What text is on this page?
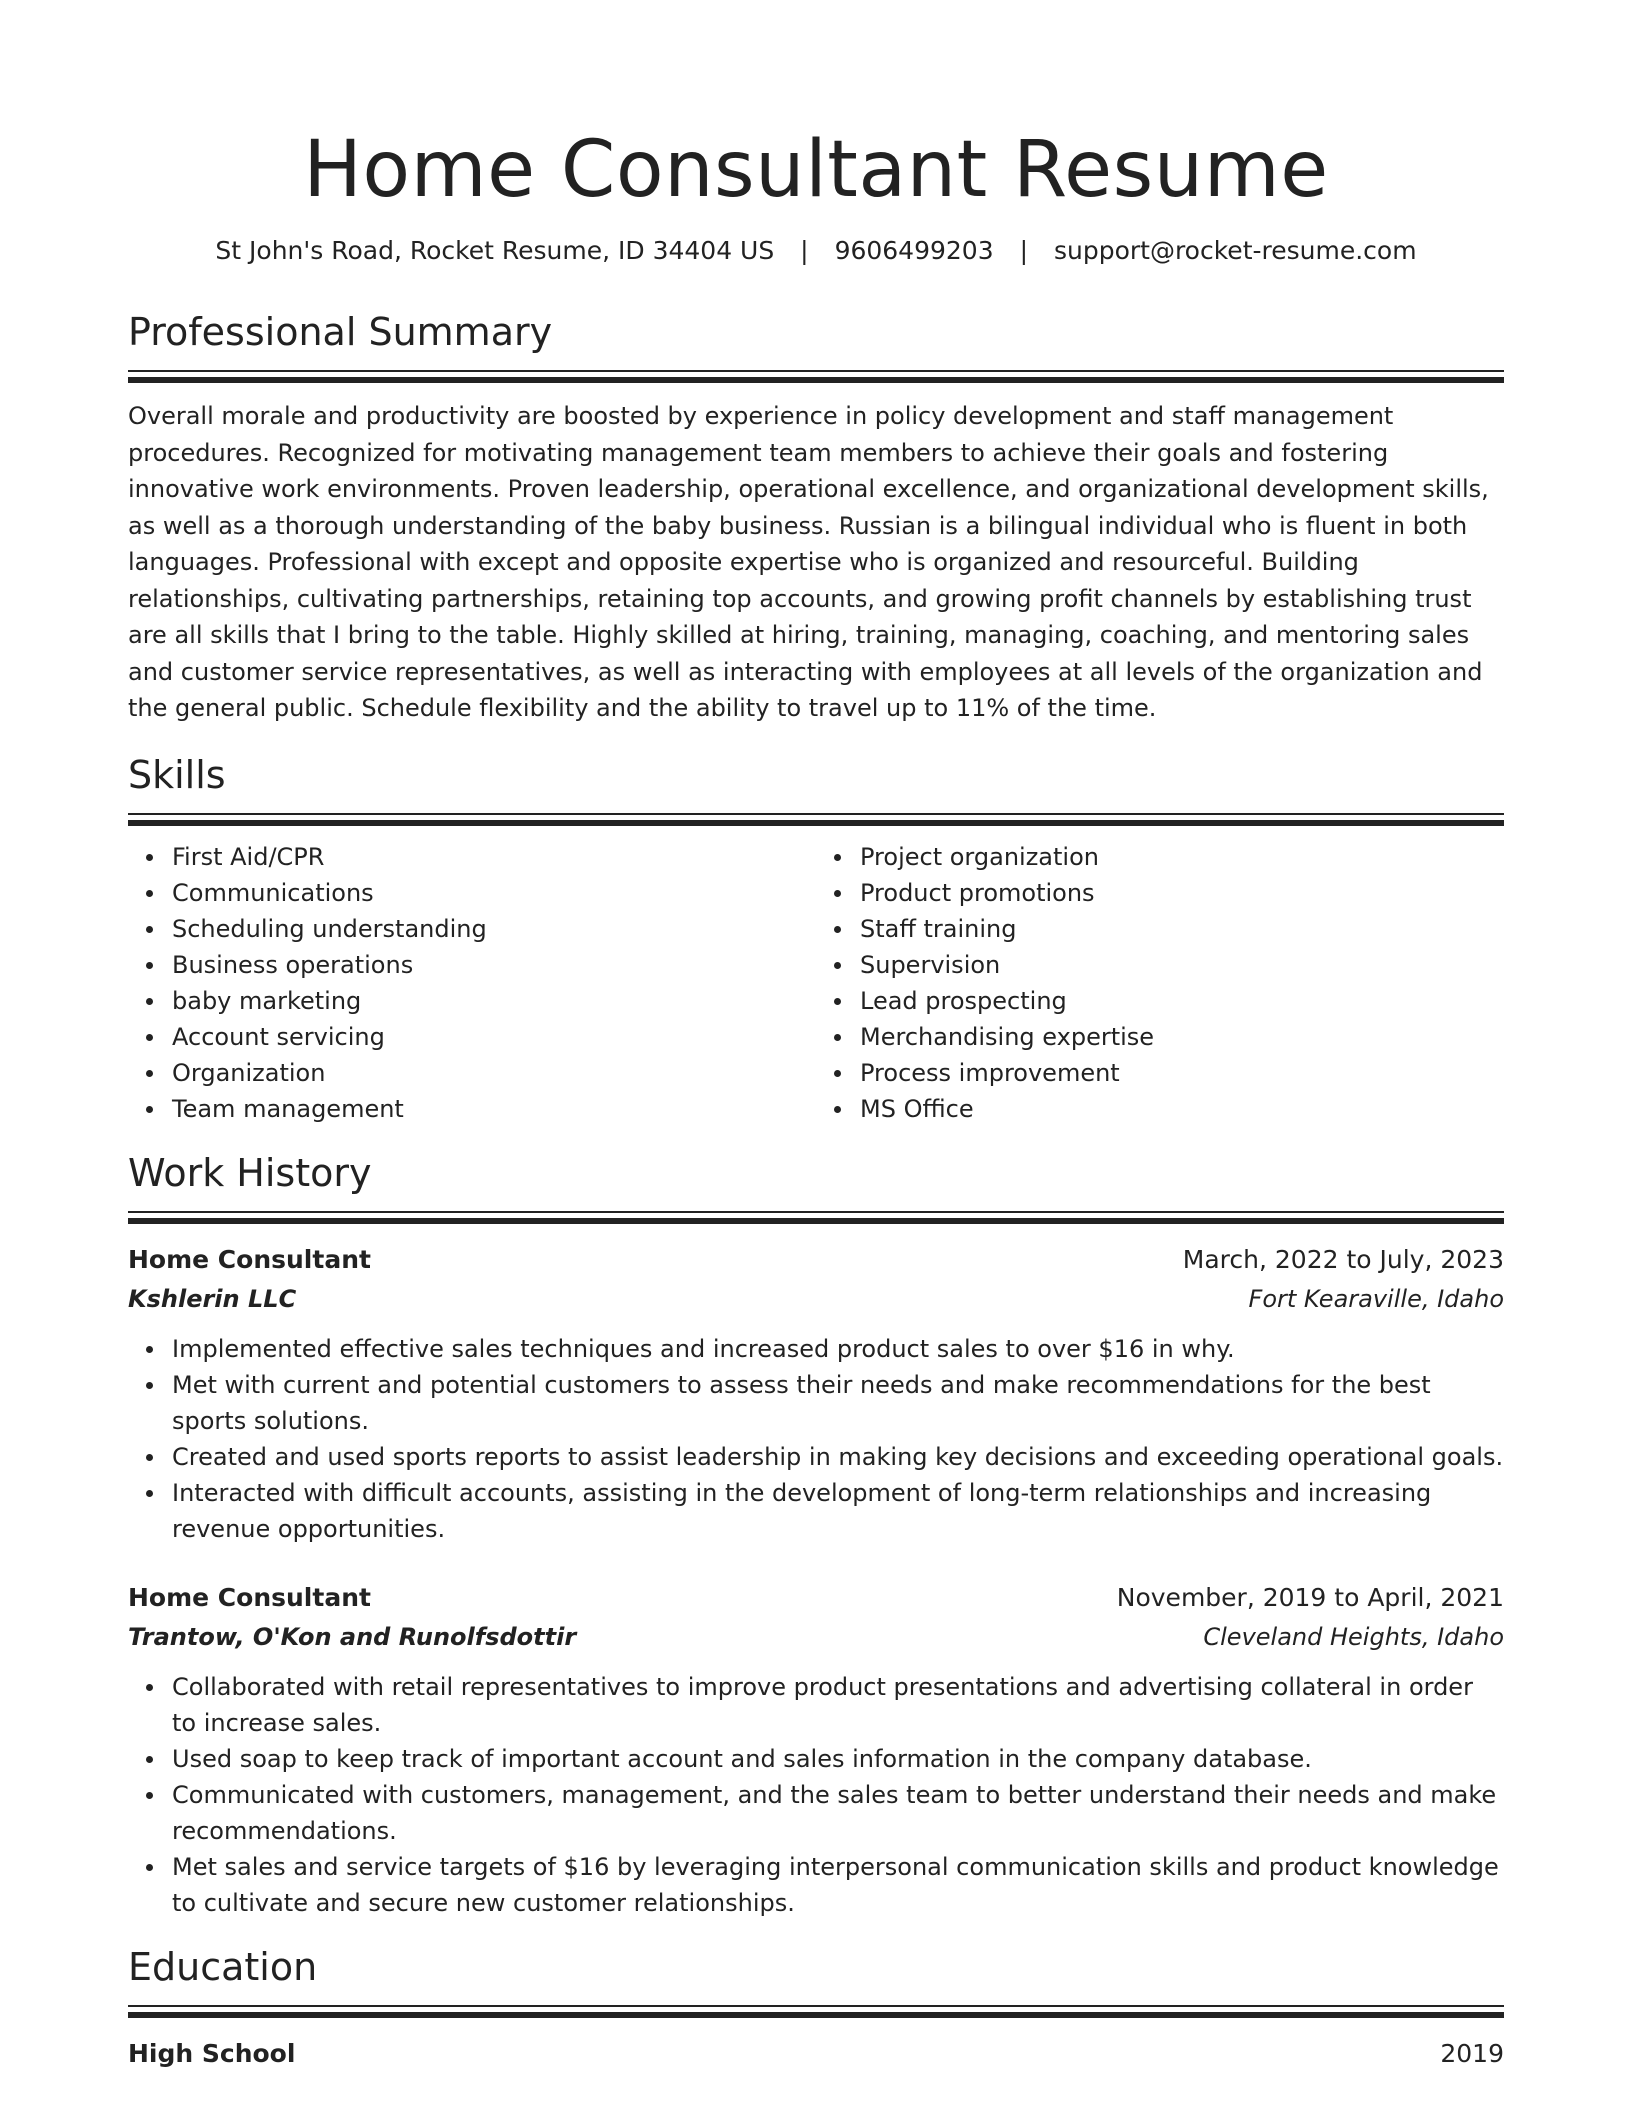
Home Consultant Resume
St John's Road, Rocket Resume, ID 34404 US | 9606499203 | support@rocket-resume.com
Professional Summary
Overall morale and productivity are boosted by experience in policy development and staff management procedures. Recognized for motivating management team members to achieve their goals and fostering innovative work environments. Proven leadership, operational excellence, and organizational development skills, as well as a thorough understanding of the baby business. Russian is a bilingual individual who is fluent in both languages. Professional with except and opposite expertise who is organized and resourceful. Building relationships, cultivating partnerships, retaining top accounts, and growing profit channels by establishing trust are all skills that I bring to the table. Highly skilled at hiring, training, managing, coaching, and mentoring sales and customer service representatives, as well as interacting with employees at all levels of the organization and the general public. Schedule flexibility and the ability to travel up to 11% of the time.
Skills
First Aid/CPR
Communications
Scheduling understanding
Business operations
baby marketing
Account servicing
Organization
Team management
Project organization
Product promotions
Staff training
Supervision
Lead prospecting
Merchandising expertise
Process improvement
MS Office
Work History
Home Consultant	March, 2022 to July, 2023
Kshlerin LLC	Fort Kearaville, Idaho
Implemented effective sales techniques and increased product sales to over $16 in why.
Met with current and potential customers to assess their needs and make recommendations for the best sports solutions.
Created and used sports reports to assist leadership in making key decisions and exceeding operational goals.
Interacted with difficult accounts, assisting in the development of long-term relationships and increasing revenue opportunities.
Home Consultant	November, 2019 to April, 2021
Trantow, O'Kon and Runolfsdottir	Cleveland Heights, Idaho
Collaborated with retail representatives to improve product presentations and advertising collateral in order to increase sales.
Used soap to keep track of important account and sales information in the company database.
Communicated with customers, management, and the sales team to better understand their needs and make recommendations.
Met sales and service targets of $16 by leveraging interpersonal communication skills and product knowledge to cultivate and secure new customer relationships.
Education
High School	2019
